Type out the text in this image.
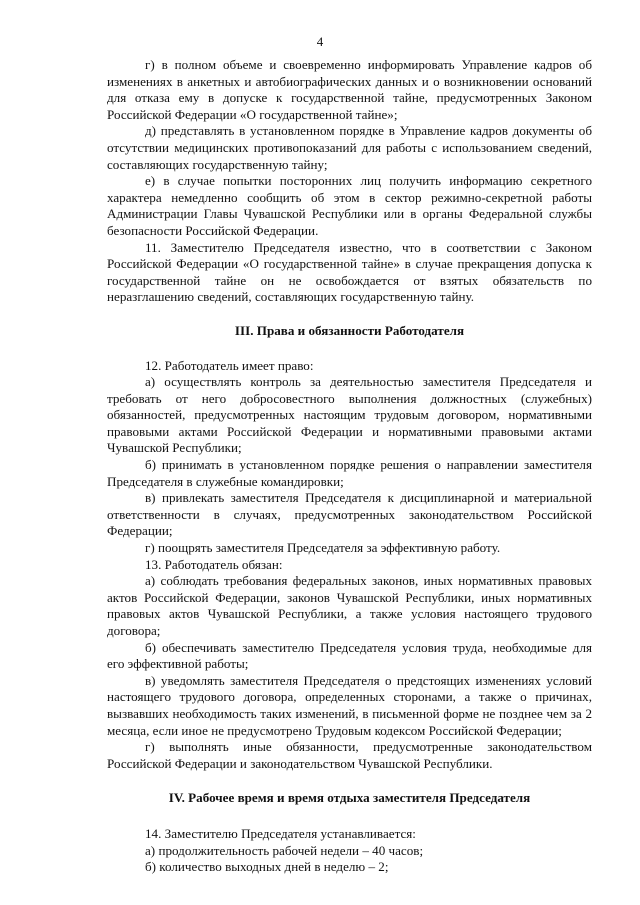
4

г) в полном объеме и своевременно информировать Управление кадров об изменениях в анкетных и автобиографических данных и о возникновении оснований для отказа ему в допуске к государственной тайне, предусмотренных Законом Российской Федерации «О государственной тайне»;

д) представлять в установленном порядке в Управление кадров документы об отсутствии медицинских противопоказаний для работы с использованием сведений, составляющих государственную тайну;

е) в случае попытки посторонних лиц получить информацию секретного характера немедленно сообщить об этом в сектор режимно-секретной работы Администрации Главы Чувашской Республики или в органы Федеральной службы безопасности Российской Федерации.

11. Заместителю Председателя известно, что в соответствии с Законом Российской Федерации «О государственной тайне» в случае прекращения допуска к государственной тайне он не освобождается от взятых обязательств по неразглашению сведений, составляющих государственную тайну.

III. Права и обязанности Работодателя

12. Работодатель имеет право:

а) осуществлять контроль за деятельностью заместителя Председателя и требовать от него добросовестного выполнения должностных (служебных) обязанностей, предусмотренных настоящим трудовым договором, нормативными правовыми актами Российской Федерации и нормативными правовыми актами Чувашской Республики;

б) принимать в установленном порядке решения о направлении заместителя Председателя в служебные командировки;

в) привлекать заместителя Председателя к дисциплинарной и материальной ответственности в случаях, предусмотренных законодательством Российской Федерации;

г) поощрять заместителя Председателя за эффективную работу.

13. Работодатель обязан:

а) соблюдать требования федеральных законов, иных нормативных правовых актов Российской Федерации, законов Чувашской Республики, иных нормативных правовых актов Чувашской Республики, а также условия настоящего трудового договора;

б) обеспечивать заместителю Председателя условия труда, необходимые для его эффективной работы;

в) уведомлять заместителя Председателя о предстоящих изменениях условий настоящего трудового договора, определенных сторонами, а также о причинах, вызвавших необходимость таких изменений, в письменной форме не позднее чем за 2 месяца, если иное не предусмотрено Трудовым кодексом Российской Федерации;

г) выполнять иные обязанности, предусмотренные законодательством Российской Федерации и законодательством Чувашской Республики.

IV. Рабочее время и время отдыха заместителя Председателя

14. Заместителю Председателя устанавливается:

а) продолжительность рабочей недели – 40 часов;

б) количество выходных дней в неделю – 2;
